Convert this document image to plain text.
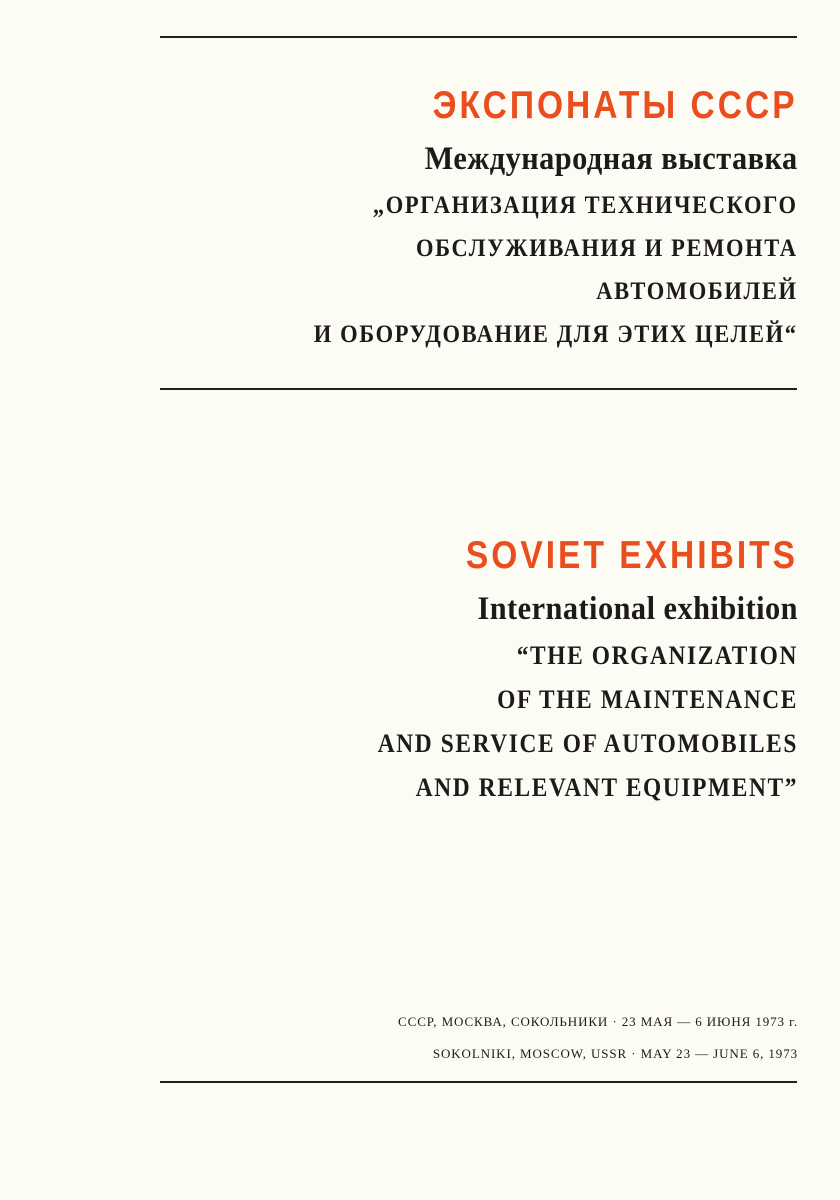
ЭКСПОНАТЫ СССР
Международная выставка
„ОРГАНИЗАЦИЯ ТЕХНИЧЕСКОГО
ОБСЛУЖИВАНИЯ И РЕМОНТА
АВТОМОБИЛЕЙ
И ОБОРУДОВАНИЕ ДЛЯ ЭТИХ ЦЕЛЕЙ“
SOVIET EXHIBITS
International exhibition
“THE ORGANIZATION
OF THE MAINTENANCE
AND SERVICE OF AUTOMOBILES
AND RELEVANT EQUIPMENT”
СССР, МОСКВА, СОКОЛЬНИКИ · 23 МАЯ — 6 ИЮНЯ 1973 г.
SOKOLNIKI, MOSCOW, USSR · MAY 23 — JUNE 6, 1973
